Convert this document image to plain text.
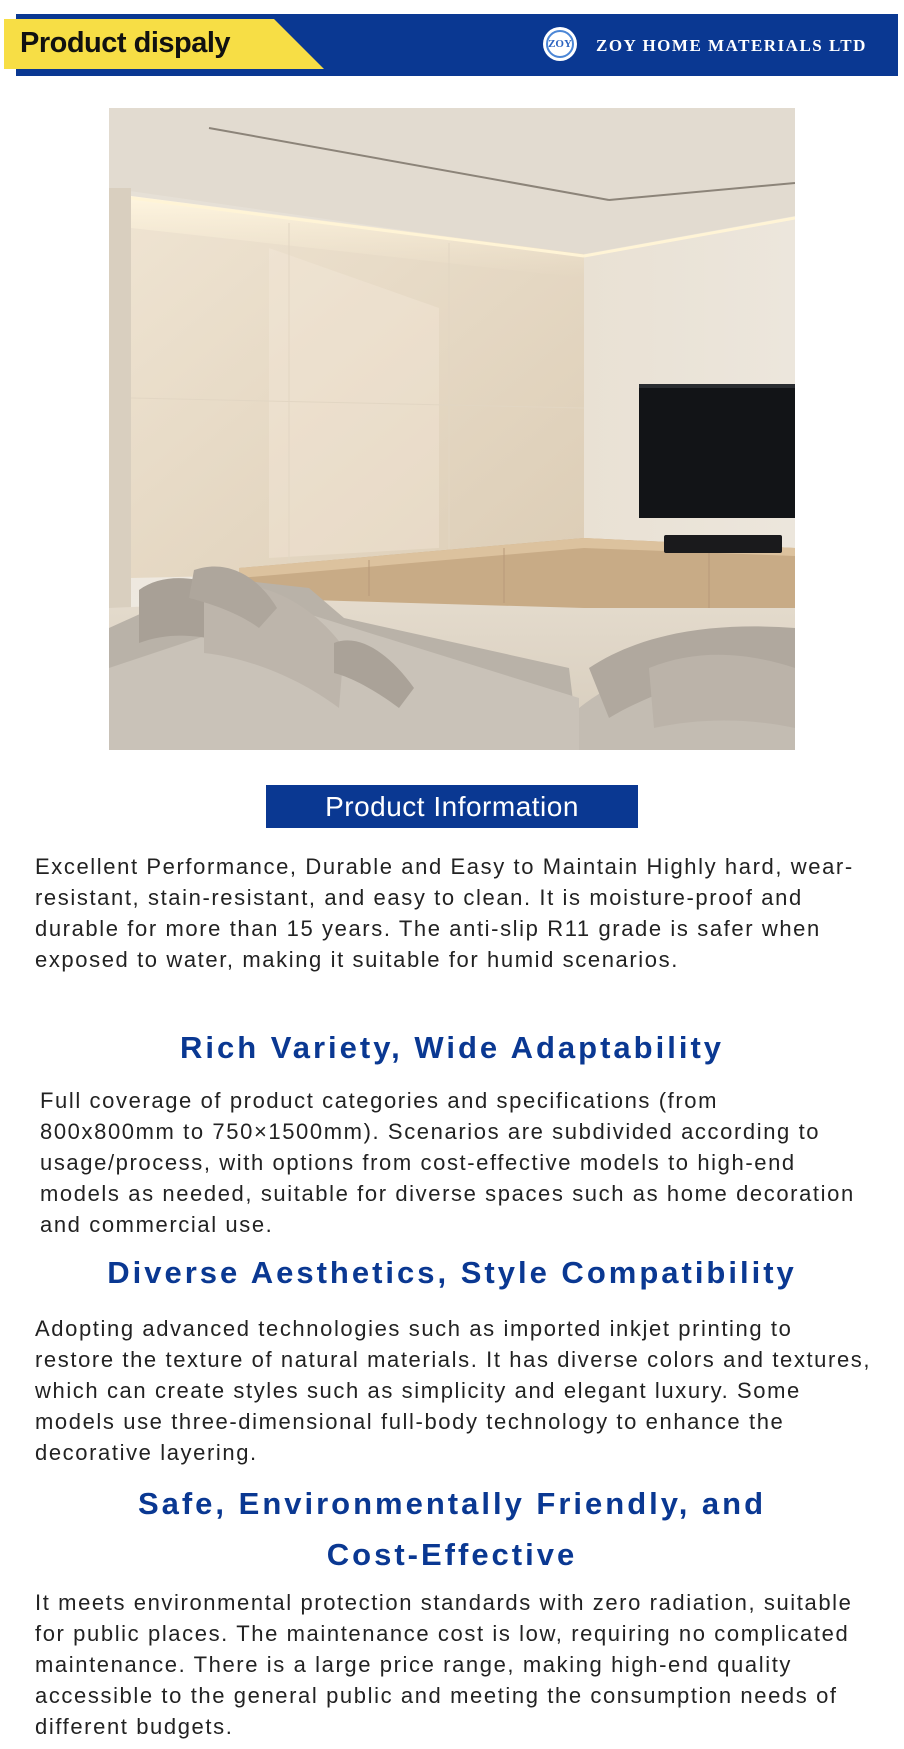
Product dispaly	ZOY ZOY HOME MATERIALS LTD
Product Information

Excellent Performance, Durable and Easy to Maintain Highly hard, wear-resistant, stain-resistant, and easy to clean. It is moisture-proof and durable for more than 15 years. The anti-slip R11 grade is safer when exposed to water, making it suitable for humid scenarios.

Rich Variety, Wide Adaptability

Full coverage of product categories and specifications (from 800x800mm to 750×1500mm). Scenarios are subdivided according to usage/process, with options from cost-effective models to high-end models as needed, suitable for diverse spaces such as home decoration and commercial use.

Diverse Aesthetics, Style Compatibility

Adopting advanced technologies such as imported inkjet printing to restore the texture of natural materials. It has diverse colors and textures, which can create styles such as simplicity and elegant luxury. Some models use three-dimensional full-body technology to enhance the decorative layering.

Safe, Environmentally Friendly, and
Cost-Effective

It meets environmental protection standards with zero radiation, suitable for public places. The maintenance cost is low, requiring no complicated maintenance. There is a large price range, making high-end quality accessible to the general public and meeting the consumption needs of different budgets.
